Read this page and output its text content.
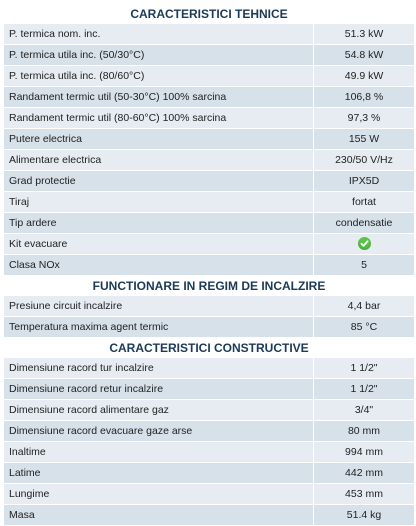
CARACTERISTICI TEHNICE
P. termica nom. inc.	51.3 kW
P. termica utila inc. (50/30°C)	54.8 kW
P. termica utila inc. (80/60°C)	49.9 kW
Randament termic util (50-30°C) 100% sarcina	106,8 %
Randament termic util (80-60°C) 100% sarcina	97,3 %
Putere electrica	155 W
Alimentare electrica	230/50 V/Hz
Grad protectie	IPX5D
Tiraj	fortat
Tip ardere	condensatie
Kit evacuare
Clasa NOx	5
FUNCTIONARE IN REGIM DE INCALZIRE
Presiune circuit incalzire	4,4 bar
Temperatura maxima agent termic	85 °C
CARACTERISTICI CONSTRUCTIVE
Dimensiune racord tur incalzire	1 1/2"
Dimensiune racord retur incalzire	1 1/2"
Dimensiune racord alimentare gaz	3/4"
Dimensiune racord evacuare gaze arse	80 mm
Inaltime	994 mm
Latime	442 mm
Lungime	453 mm
Masa	51.4 kg
